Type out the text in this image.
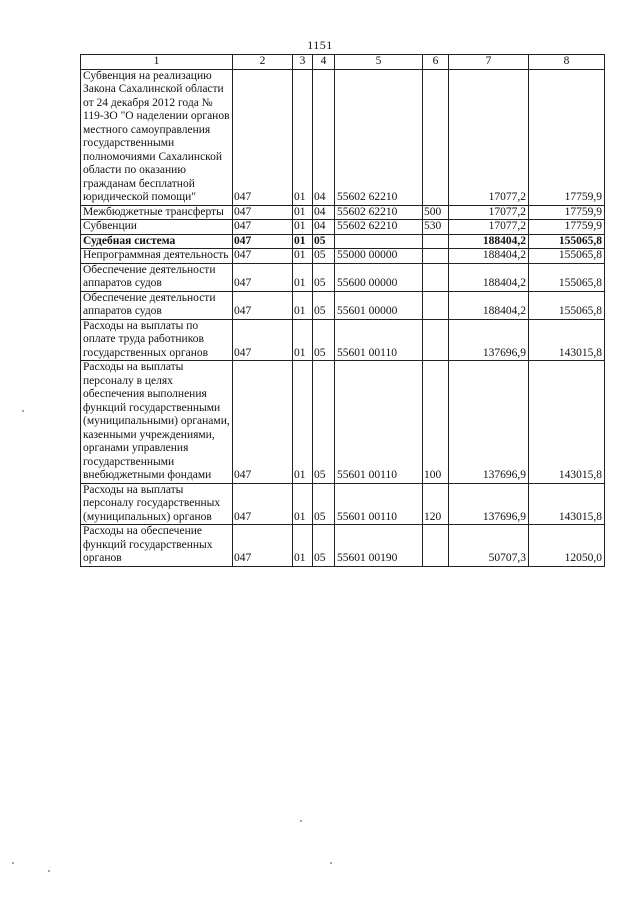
1151
1	2	3	4	5	6	7	8
Субвенция на реализацию Закона Сахалинской области от 24 декабря 2012 года № 119-ЗО "О наделении органов местного самоуправления государственными полномочиями Сахалинской области по оказанию гражданам бесплатной юридической помощи"	047	01	04	55602 62210		17077,2	17759,9
Межбюджетные трансферты	047	01	04	55602 62210	500	17077,2	17759,9
Субвенции	047	01	04	55602 62210	530	17077,2	17759,9
Судебная система	047	01	05			188404,2	155065,8
Непрограммная деятельность	047	01	05	55000 00000		188404,2	155065,8
Обеспечение деятельности аппаратов судов	047	01	05	55600 00000		188404,2	155065,8
Обеспечение деятельности аппаратов судов	047	01	05	55601 00000		188404,2	155065,8
Расходы на выплаты по оплате труда работников государственных органов	047	01	05	55601 00110		137696,9	143015,8
Расходы на выплаты персоналу в целях обеспечения выполнения функций государственными (муниципальными) органами, казенными учреждениями, органами управления государственными внебюджетными фондами	047	01	05	55601 00110	100	137696,9	143015,8
Расходы на выплаты персоналу государственных (муниципальных) органов	047	01	05	55601 00110	120	137696,9	143015,8
Расходы на обеспечение функций государственных органов	047	01	05	55601 00190		50707,3	12050,0
